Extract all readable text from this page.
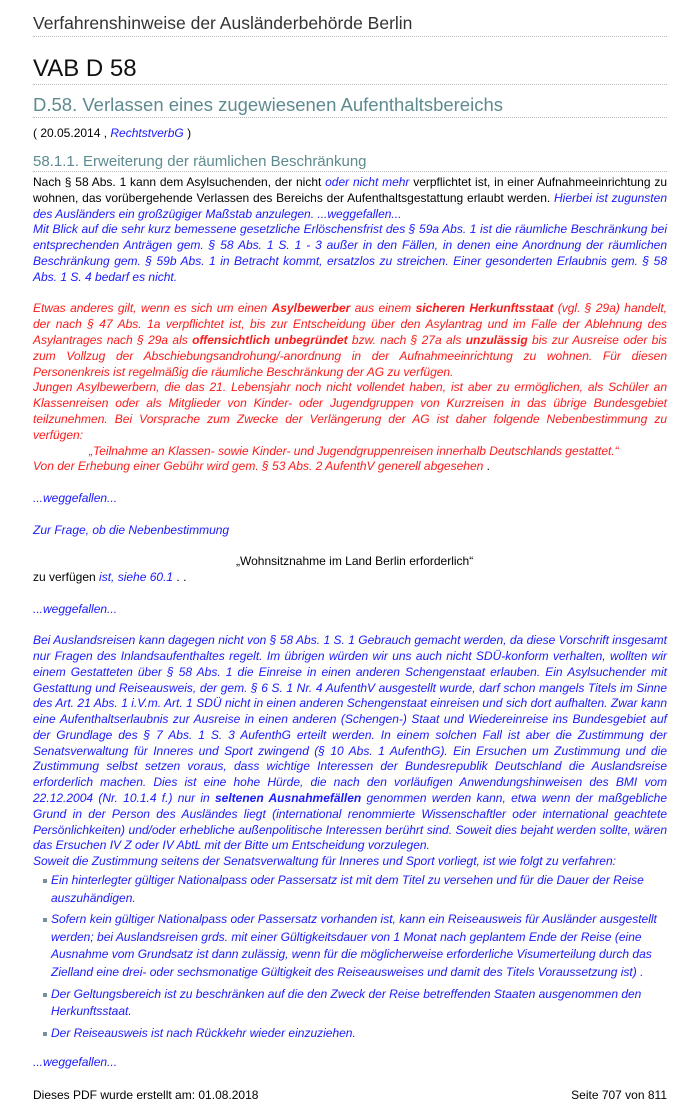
Verfahrenshinweise der Ausländerbehörde Berlin
VAB D 58
D.58. Verlassen eines zugewiesenen Aufenthaltsbereichs
( 20.05.2014 , RechtstverbG )
58.1.1. Erweiterung der räumlichen Beschränkung

Nach § 58 Abs. 1 kann dem Asylsuchenden, der nicht oder nicht mehr verpflichtet ist, in einer Aufnahmeeinrichtung zu wohnen, das vorübergehende Verlassen des Bereichs der Aufenthaltsgestattung erlaubt werden. Hierbei ist zugunsten des Ausländers ein großzügiger Maßstab anzulegen. ...weggefallen...

Mit Blick auf die sehr kurz bemessene gesetzliche Erlöschensfrist des § 59a Abs. 1 ist die räumliche Beschränkung bei entsprechenden Anträgen gem. § 58 Abs. 1 S. 1 - 3 außer in den Fällen, in denen eine Anordnung der räumlichen Beschränkung gem. § 59b Abs. 1 in Betracht kommt, ersatzlos zu streichen. Einer gesonderten Erlaubnis gem. § 58 Abs. 1 S. 4 bedarf es nicht.

Etwas anderes gilt, wenn es sich um einen Asylbewerber aus einem sicheren Herkunftsstaat (vgl. § 29a) handelt, der nach § 47 Abs. 1a verpflichtet ist, bis zur Entscheidung über den Asylantrag und im Falle der Ablehnung des Asylantrages nach § 29a als offensichtlich unbegründet bzw. nach § 27a als unzulässig bis zur Ausreise oder bis zum Vollzug der Abschiebungsandrohung/-anordnung in der Aufnahmeeinrichtung zu wohnen. Für diesen Personenkreis ist regelmäßig die räumliche Beschränkung der AG zu verfügen.

Jungen Asylbewerbern, die das 21. Lebensjahr noch nicht vollendet haben, ist aber zu ermöglichen, als Schüler an Klassenreisen oder als Mitglieder von Kinder- oder Jugendgruppen von Kurzreisen in das übrige Bundesgebiet teilzunehmen. Bei Vorsprache zum Zwecke der Verlängerung der AG ist daher folgende Nebenbestimmung zu verfügen:

„Teilnahme an Klassen- sowie Kinder- und Jugendgruppenreisen innerhalb Deutschlands gestattet.“

Von der Erhebung einer Gebühr wird gem. § 53 Abs. 2 AufenthV generell abgesehen .

...weggefallen...

Zur Frage, ob die Nebenbestimmung

„Wohnsitznahme im Land Berlin erforderlich“

zu verfügen ist, siehe 60.1 . .

...weggefallen...

Bei Auslandsreisen kann dagegen nicht von § 58 Abs. 1 S. 1 Gebrauch gemacht werden, da diese Vorschrift insgesamt nur Fragen des Inlandsaufenthaltes regelt. Im übrigen würden wir uns auch nicht SDÜ-konform verhalten, wollten wir einem Gestatteten über § 58 Abs. 1 die Einreise in einen anderen Schengenstaat erlauben. Ein Asylsuchender mit Gestattung und Reiseausweis, der gem. § 6 S. 1 Nr. 4 AufenthV ausgestellt wurde, darf schon mangels Titels im Sinne des Art. 21 Abs. 1 i.V.m. Art. 1 SDÜ nicht in einen anderen Schengenstaat einreisen und sich dort aufhalten. Zwar kann eine Aufenthaltserlaubnis zur Ausreise in einen anderen (Schengen-) Staat und Wiedereinreise ins Bundesgebiet auf der Grundlage des § 7 Abs. 1 S. 3 AufenthG erteilt werden. In einem solchen Fall ist aber die Zustimmung der Senatsverwaltung für Inneres und Sport zwingend (§ 10 Abs. 1 AufenthG). Ein Ersuchen um Zustimmung und die Zustimmung selbst setzen voraus, dass wichtige Interessen der Bundesrepublik Deutschland die Auslandsreise erforderlich machen. Dies ist eine hohe Hürde, die nach den vorläufigen Anwendungshinweisen des BMI vom 22.12.2004 (Nr. 10.1.4 f.) nur in seltenen Ausnahmefällen genommen werden kann, etwa wenn der maßgebliche Grund in der Person des Ausländes liegt (international renommierte Wissenschaftler oder international geachtete Persönlichkeiten) und/oder erhebliche außenpolitische Interessen berührt sind. Soweit dies bejaht werden sollte, wären das Ersuchen IV Z oder IV AbtL mit der Bitte um Entscheidung vorzulegen.

Soweit die Zustimmung seitens der Senatsverwaltung für Inneres und Sport vorliegt, ist wie folgt zu verfahren:

Ein hinterlegter gültiger Nationalpass oder Passersatz ist mit dem Titel zu versehen und für die Dauer der Reise auszuhändigen.
Sofern kein gültiger Nationalpass oder Passersatz vorhanden ist, kann ein Reiseausweis für Ausländer ausgestellt werden; bei Auslandsreisen grds. mit einer Gültigkeitsdauer von 1 Monat nach geplantem Ende der Reise (eine Ausnahme vom Grundsatz ist dann zulässig, wenn für die möglicherweise erforderliche Visumerteilung durch das Zielland eine drei- oder sechsmonatige Gültigkeit des Reiseausweises und damit des Titels Voraussetzung ist) .
Der Geltungsbereich ist zu beschränken auf die den Zweck der Reise betreffenden Staaten ausgenommen den Herkunftsstaat.
Der Reiseausweis ist nach Rückkehr wieder einzuziehen.

...weggefallen...

Dieses PDF wurde erstellt am: 01.08.2018	Seite 707 von 811
